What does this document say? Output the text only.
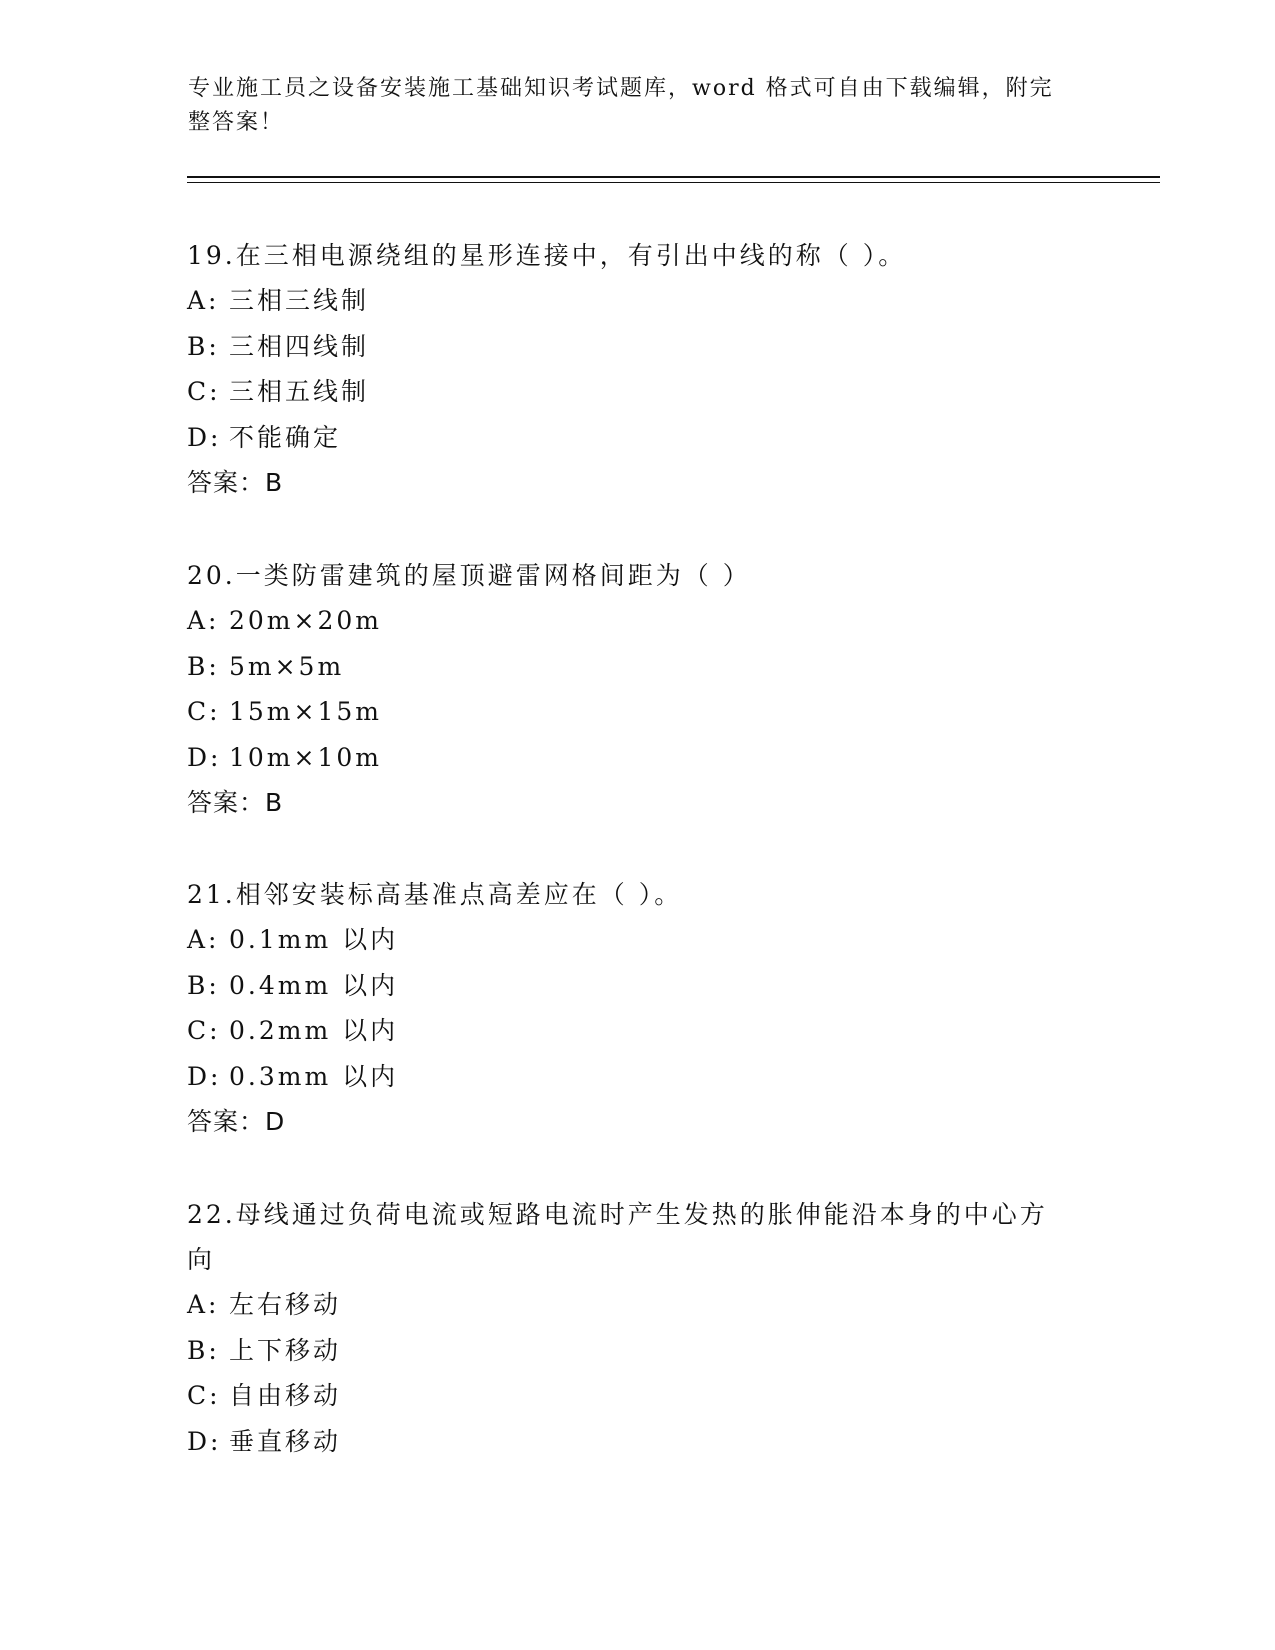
专业施工员之设备安装施工基础知识考试题库，word 格式可自由下载编辑，附完整答案！

19.在三相电源绕组的星形连接中，有引出中线的称（ ）。

A: 三相三线制

B: 三相四线制

C: 三相五线制

D: 不能确定

答案：B

20.一类防雷建筑的屋顶避雷网格间距为（ ）

A: 20m×20m

B: 5m×5m

C: 15m×15m

D: 10m×10m

答案：B

21.相邻安装标高基准点高差应在（ ）。

A: 0.1mm 以内

B: 0.4mm 以内

C: 0.2mm 以内

D: 0.3mm 以内

答案：D

22.母线通过负荷电流或短路电流时产生发热的胀伸能沿本身的中心方向

A: 左右移动

B: 上下移动

C: 自由移动

D: 垂直移动
